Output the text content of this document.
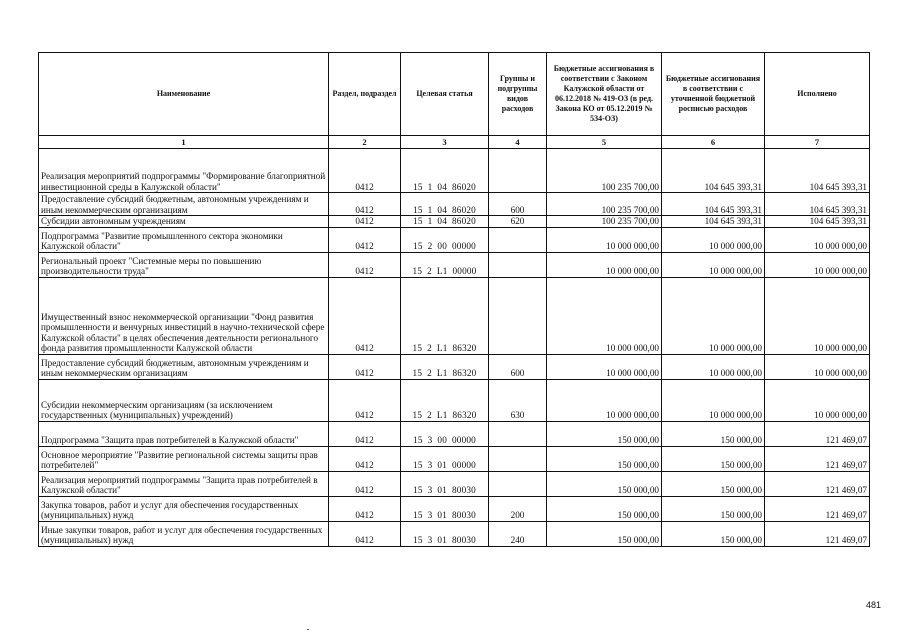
Наименование	Раздел, подраздел	Целевая статья	Группы и подгруппы видов расходов	Бюджетные ассигнования в соответствии с Законом Калужской области от 06.12.2018 № 419-ОЗ (в ред. Закона КО от 05.12.2019 № 534-ОЗ)	Бюджетные ассигнования в соответствии с уточненной бюджетной росписью расходов	Исполнено
1	2	3	4	5	6	7
Реализация мероприятий подпрограммы "Формирование благоприятной инвестиционной среды в Калужской области"	0412	15  1  04  86020		100 235 700,00	104 645 393,31	104 645 393,31
Предоставление субсидий бюджетным, автономным учреждениям и иным некоммерческим организациям	0412	15  1  04  86020	600	100 235 700,00	104 645 393,31	104 645 393,31
Субсидии автономным учреждениям	0412	15  1  04  86020	620	100 235 700,00	104 645 393,31	104 645 393,31
Подпрограмма "Развитие промышленного сектора экономики Калужской области"	0412	15  2  00  00000		10 000 000,00	10 000 000,00	10 000 000,00
Региональный проект "Системные меры по повышению производительности труда"	0412	15  2  L1  00000		10 000 000,00	10 000 000,00	10 000 000,00
Имущественный взнос некоммерческой организации "Фонд развития промышленности и венчурных инвестиций в научно-технической сфере Калужской области" в целях обеспечения деятельности регионального фонда развития промышленности Калужской области	0412	15  2  L1  86320		10 000 000,00	10 000 000,00	10 000 000,00
Предоставление субсидий бюджетным, автономным учреждениям и иным некоммерческим организациям	0412	15  2  L1  86320	600	10 000 000,00	10 000 000,00	10 000 000,00
Субсидии некоммерческим организациям (за исключением государственных (муниципальных) учреждений)	0412	15  2  L1  86320	630	10 000 000,00	10 000 000,00	10 000 000,00
Подпрограмма "Защита прав потребителей в Калужской области"	0412	15  3  00  00000		150 000,00	150 000,00	121 469,07
Основное мероприятие "Развитие региональной системы защиты прав потребителей"	0412	15  3  01  00000		150 000,00	150 000,00	121 469,07
Реализация мероприятий подпрограммы "Защита прав потребителей в Калужской области"	0412	15  3  01  80030		150 000,00	150 000,00	121 469,07
Закупка товаров, работ и услуг для обеспечения государственных (муниципальных) нужд	0412	15  3  01  80030	200	150 000,00	150 000,00	121 469,07
Иные закупки товаров, работ и услуг для обеспечения государственных (муниципальных) нужд	0412	15  3  01  80030	240	150 000,00	150 000,00	121 469,07
481
